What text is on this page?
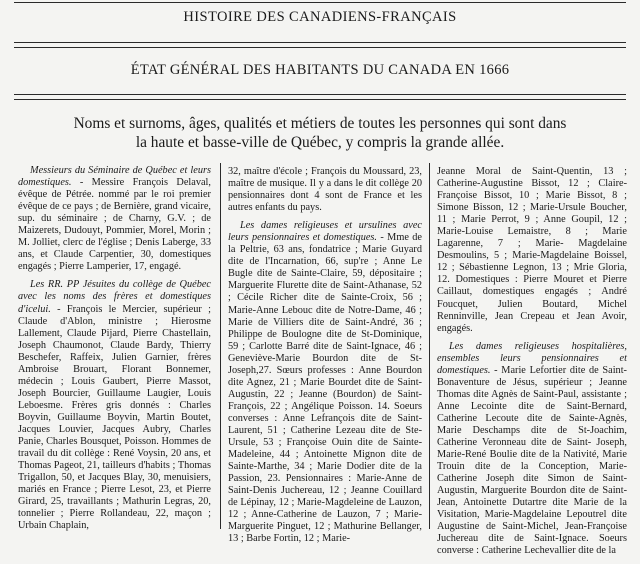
HISTOIRE DES CANADIENS-FRANÇAIS
ÉTAT GÉNÉRAL DES HABITANTS DU CANADA EN 1666
Noms et surnoms, âges, qualités et métiers de toutes les personnes qui sont dans la haute et basse-ville de Québec, y compris la grande allée.

Messieurs du Séminaire de Québec et leurs domestiques. - Messire François Delaval, évêque de Pétrée. nommé par le roi premier évêque de ce pays ; de Bernière, grand vicaire, sup. du séminaire ; de Charny, G.V. ; de Maizerets, Dudouyt, Pommier, Morel, Morin ; M. Jolliet, clerc de l'église ; Denis Laberge, 33 ans, et Claude Carpentier, 30, domestiques engagés ; Pierre Lamperier, 17, engagé.

Les RR. PP Jésuites du collège de Québec avec les noms des frères et domestiques d'icelui. - François le Mercier, supérieur ; Claude d'Ablon, ministre ; Hierosme Lallement, Claude Pijard, Pierre Chastellain, Joseph Chaumonot, Claude Bardy, Thierry Beschefer, Raffeix, Julien Garnier, frères Ambroise Brouart, Florant Bonnemer, médecin ; Louis Gaubert, Pierre Massot, Joseph Bourcier, Guillaume Laugier, Louis Leboesme. Frères gris donnés : Charles Boyvin, Guillaume Boyvin, Martin Boutet, Jacques Louvier, Jacques Aubry, Charles Panie, Charles Bousquet, Poisson. Hommes de travail du dit collège : René Voysin, 20 ans, et Thomas Pageot, 21, tailleurs d'habits ; Thomas Trigallon, 50, et Jacques Blay, 30, menuisiers, mariés en France ; Pierre Lesot, 23, et Pierre Girard, 25, travaillants ; Mathurin Legras, 20, tonnelier ; Pierre Rollandeau, 22, maçon ; Urbain Chaplain,

32, maître d'école ; François du Moussard, 23, maître de musique. Il y a dans le dit collège 20 pensionnaires dont 4 sont de France et les autres enfants du pays.

Les dames religieuses et ursulines avec leurs pensionnaires et domestiques. - Mme de la Peltrie, 63 ans, fondatrice ; Marie Guyard dite de l'Incarnation, 66, sup're ; Anne Le Bugle dite de Sainte-Claire, 59, dépositaire ; Marguerite Flurette dite de Saint-Athanase, 52 ; Cécile Richer dite de Sainte-Croix, 56 ; Marie-Anne Lebouc dite de Notre-Dame, 46 ; Marie de Villiers dite de Saint-André, 36 ; Philippe de Boulogne dite de St-Dominique, 59 ; Carlotte Barré dite de Saint-Ignace, 46 ; Geneviève-Marie Bourdon dite de St-Joseph,27. Sœurs professes : Anne Bourdon dite Agnez, 21 ; Marie Bourdet dite de Saint-Augustin, 22 ; Jeanne (Bourdon) de Saint-François, 22 ; Angélique Poisson. 14. Soeurs converses : Anne Lefrançois dite de Saint- Laurent, 51 ; Catherine Lezeau dite de Ste-Ursule, 53 ; Françoise Ouin dite de Sainte-Madeleine, 44 ; Antoinette Mignon dite de Sainte-Marthe, 34 ; Marie Dodier dite de la Passion, 23. Pensionnaires : Marie-Anne de Saint-Denis Juchereau, 12 ; Jeanne Couillard de Lépinay, 12 ; Marie-Magdeleine de Lauzon, 12 ; Anne-Catherine de Lauzon, 7 ; Marie-Marguerite Pinguet, 12 ; Mathurine Bellanger, 13 ; Barbe Fortin, 12 ; Marie-

Jeanne Moral de Saint-Quentin, 13 ; Catherine-Augustine Bissot, 12 ; Claire-Françoise Bissot, 10 ; Marie Bissot, 8 ; Simone Bisson, 12 ; Marie-Ursule Boucher, 11 ; Marie Perrot, 9 ; Anne Goupil, 12 ; Marie-Louise Lemaistre, 8 ; Marie Lagarenne, 7 ; Marie- Magdelaine Desmoulins, 5 ; Marie-Magdelaine Boissel, 12 ; Sébastienne Legnon, 13 ; Mrie Gloria, 12. Domestiques : Pierre Mouret et Pierre Caillaut, domestiques engagés ; André Foucquet, Julien Boutard, Michel Renninville, Jean Crepeau et Jean Avoir, engagés.

Les dames religieuses hospitalières, ensembles leurs pensionnaires et domestiques. - Marie Lefortier dite de Saint-Bonaventure de Jésus, supérieur ; Jeanne Thomas dite Agnès de Saint-Paul, assistante ; Anne Lecointe dite de Saint-Bernard, Catherine Lecoute dite de Sainte-Agnès, Marie Deschamps dite de St-Joachim, Catherine Veronneau dite de Saint- Joseph, Marie-René Boulie dite de la Nativité, Marie Trouin dite de la Conception, Marie-Catherine Joseph dite Simon de Saint-Augustin, Marguerite Bourdon dite de Saint-Jean, Antoinette Dutartre dite Marie de la Visitation, Marie-Magdelaine Lepoutrel dite Augustine de Saint-Michel, Jean-Françoise Juchereau dite de Saint-Ignace. Soeurs converse : Catherine Lechevallier dite de la
